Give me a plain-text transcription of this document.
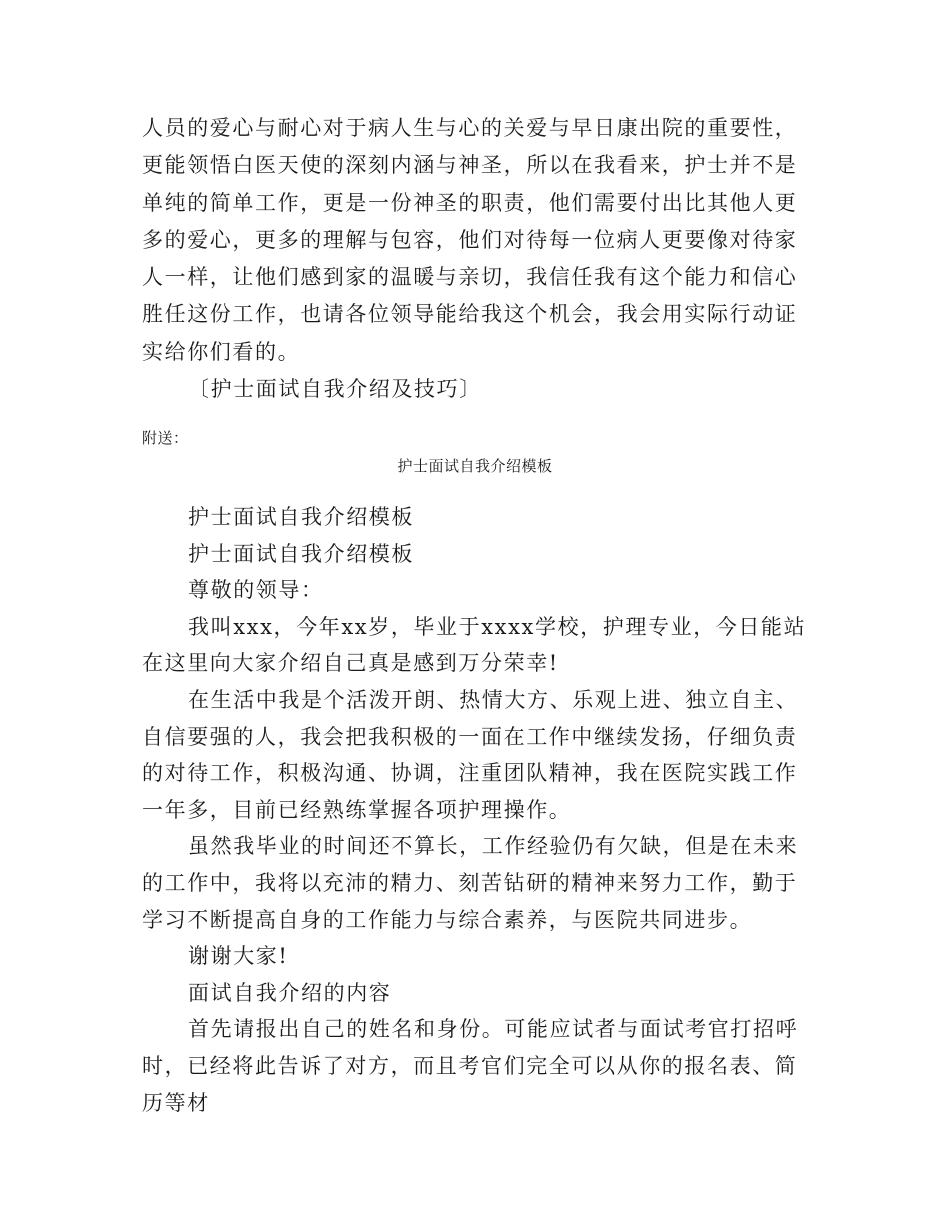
人员的爱心与耐心对于病人生与心的关爱与早日康出院的重要性，更能领悟白医天使的深刻内涵与神圣，所以在我看来，护士并不是单纯的简单工作，更是一份神圣的职责，他们需要付出比其他人更多的爱心，更多的理解与包容，他们对待每一位病人更要像对待家人一样，让他们感到家的温暖与亲切，我信任我有这个能力和信心胜任这份工作，也请各位领导能给我这个机会，我会用实际行动证实给你们看的。

〔护士面试自我介绍及技巧〕

附送：

护士面试自我介绍模板

护士面试自我介绍模板

护士面试自我介绍模板

尊敬的领导：

我叫xxx，今年xx岁，毕业于xxxx学校，护理专业，今日能站在这里向大家介绍自己真是感到万分荣幸!

在生活中我是个活泼开朗、热情大方、乐观上进、独立自主、自信要强的人，我会把我积极的一面在工作中继续发扬，仔细负责的对待工作，积极沟通、协调，注重团队精神，我在医院实践工作一年多，目前已经熟练掌握各项护理操作。

虽然我毕业的时间还不算长，工作经验仍有欠缺，但是在未来的工作中，我将以充沛的精力、刻苦钻研的精神来努力工作，勤于学习不断提高自身的工作能力与综合素养，与医院共同进步。

谢谢大家!

面试自我介绍的内容

首先请报出自己的姓名和身份。可能应试者与面试考官打招呼时，已经将此告诉了对方，而且考官们完全可以从你的报名表、简历等材
